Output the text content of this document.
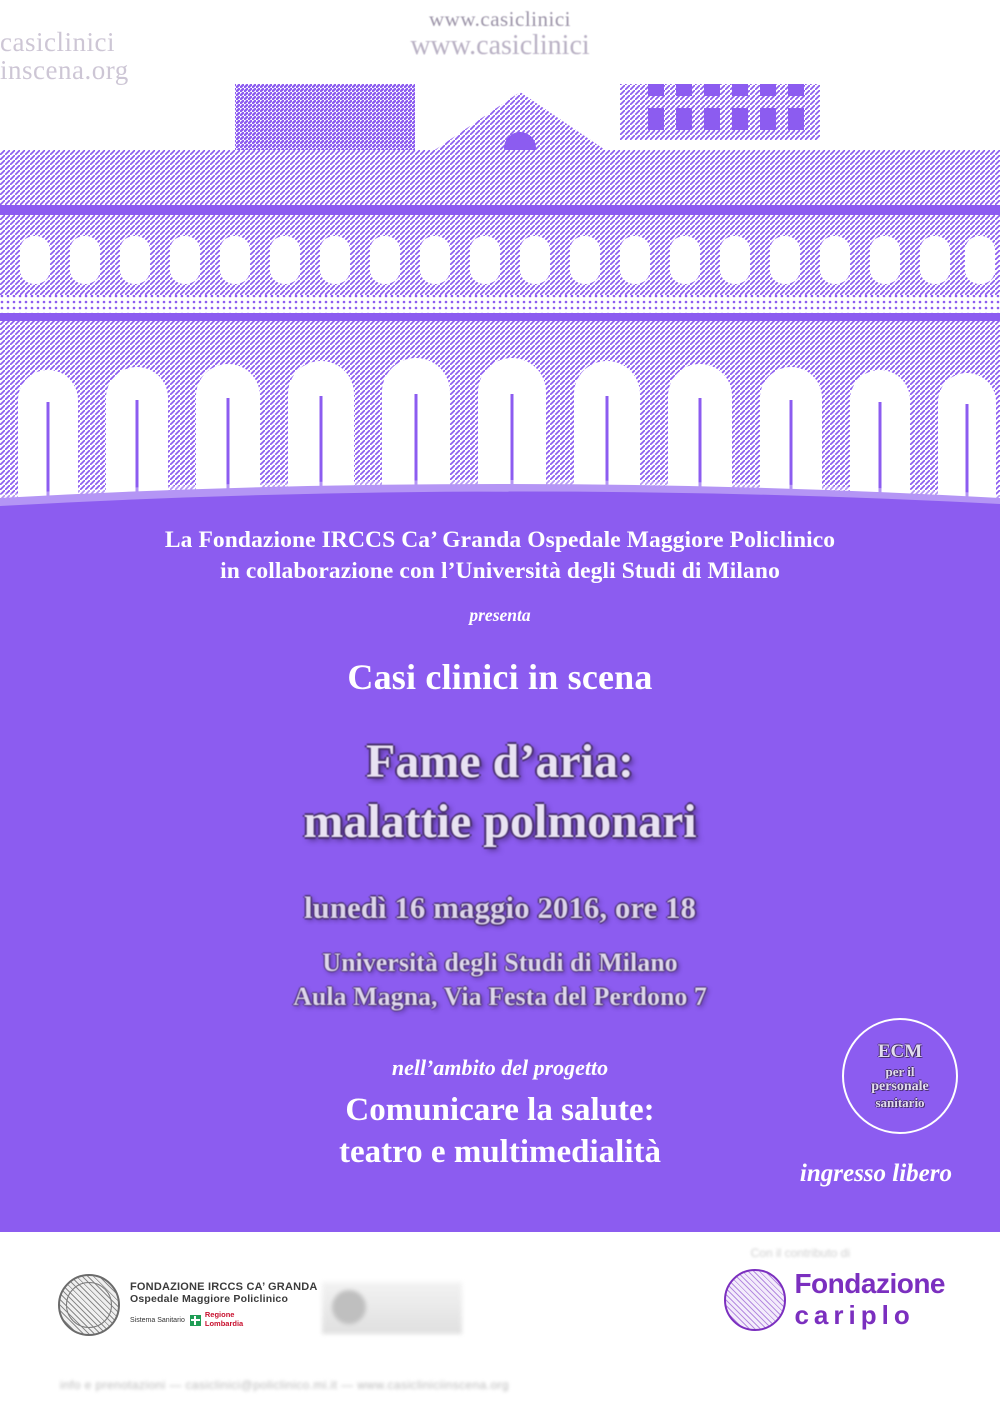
casiclinici inscena.org
www.casiclinici
www.casiclinici
La Fondazione IRCCS Ca’ Granda Ospedale Maggiore Policlinico
in collaborazione con l’Università degli Studi di Milano
presenta
Casi clinici in scena
Fame d’aria:
malattie polmonari
lunedì 16 maggio 2016, ore 18
Università degli Studi di Milano
Aula Magna, Via Festa del Perdono 7
nell’ambito del progetto
Comunicare la salute:
teatro e multimedialità
ECM
per il
personale
sanitario
ingresso libero
FONDAZIONE IRCCS CA’ GRANDA
Ospedale Maggiore Policlinico
Sistema Sanitario
Regione
Lombardia
Con il contributo di
Fondazione
cariplo
info e prenotazioni — casiclinici@policlinico.mi.it — www.casicliniciinscena.org
